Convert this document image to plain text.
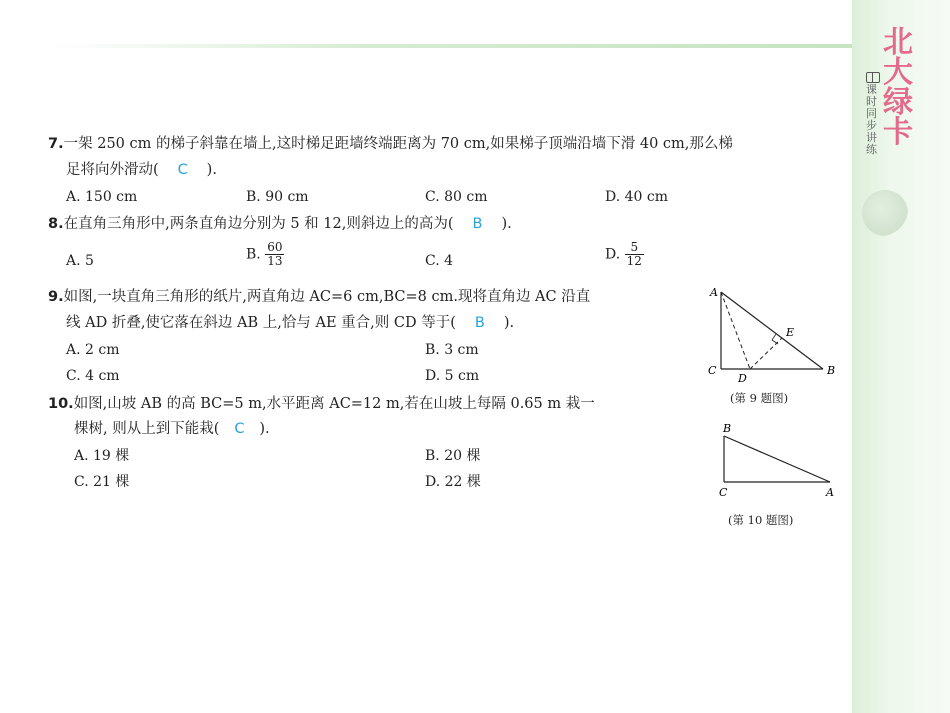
北大绿卡
课时同步讲练
7.一架 250 cm 的梯子斜靠在墙上,这时梯足距墙终端距离为 70 cm,如果梯子顶端沿墙下滑 40 cm,那么梯
足将向外滑动( C ).
A. 150 cm	B. 90 cm	C. 80 cm	D. 40 cm
8.在直角三角形中,两条直角边分别为 5 和 12,则斜边上的高为( B ).
A. 5	B. $\frac{60}{13}$	C. 4	D. $\frac{5}{12}$
9.如图,一块直角三角形的纸片,两直角边 AC=6 cm,BC=8 cm.现将直角边 AC 沿直
线 AD 折叠,使它落在斜边 AB 上,恰与 AE 重合,则 CD 等于( B ).
A. 2 cm	B. 3 cm
C. 4 cm	D. 5 cm
A
E
C
D
B
(第 9 题图)
10.如图,山坡 AB 的高 BC=5 m,水平距离 AC=12 m,若在山坡上每隔 0.65 m 栽一
棵树, 则从上到下能栽( C ).
A. 19 棵	B. 20 棵
C. 21 棵	D. 22 棵
B
C	A
(第 10 题图)
